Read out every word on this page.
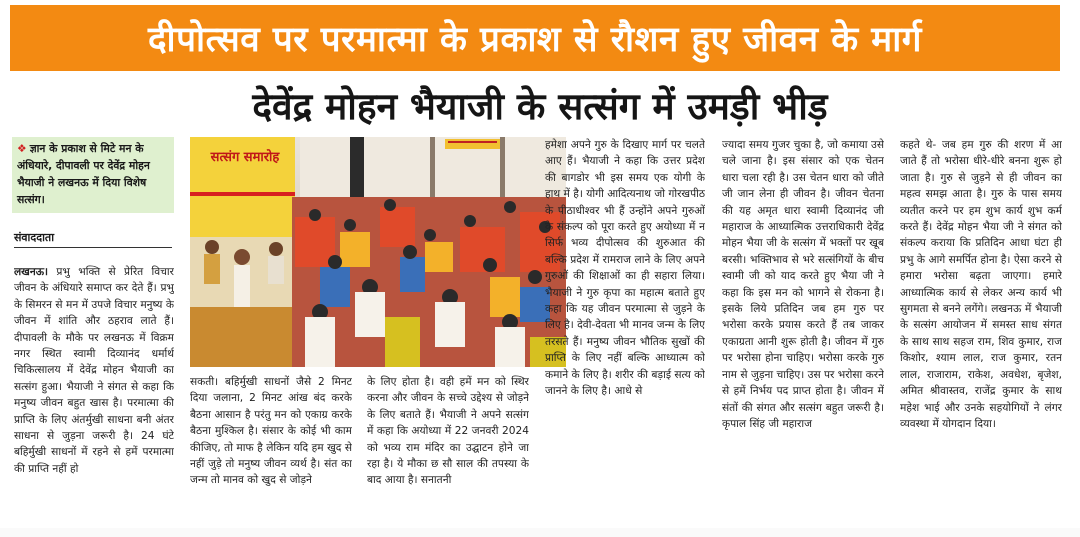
दीपोत्सव पर परमात्मा के प्रकाश से रौशन हुए जीवन के मार्ग
देवेंद्र मोहन भैयाजी के सत्संग में उमड़ी भीड़
❖ ज्ञान के प्रकाश से मिटे मन के अंधियारे, दीपावली पर देवेंद्र मोहन भैयाजी ने लखनऊ में दिया विशेष सत्संग।
संवाददाता

लखनऊ। प्रभु भक्ति से प्रेरित विचार जीवन के अंधियारे समाप्त कर देते हैं। प्रभु के सिमरन से मन में उपजे विचार मनुष्य के जीवन में शांति और ठहराव लाते हैं। दीपावली के मौके पर लखनऊ में विक्रम नगर स्थित स्वामी दिव्यानंद धर्मार्थ चिकित्सालय में देवेंद्र मोहन भैयाजी का सत्संग हुआ। भैयाजी ने संगत से कहा कि मनुष्य जीवन बहुत खास है। परमात्मा की प्राप्ति के लिए अंतर्मुखी साधना बनी अंतर साधना से जुड़ना जरूरी है। 24 घंटे बहिर्मुखी साधनों में रहने से हमें परमात्मा की प्राप्ति नहीं हो

सत्संग समारोह

सकती। बहिर्मुखी साधनों जैसे 2 मिनट दिया जलाना, 2 मिनट आंख बंद करके बैठना आसान है परंतु मन को एकाग्र करके बैठना मुश्किल है। संसार के कोई भी काम कीजिए, तो माफ है लेकिन यदि हम खुद से नहीं जुड़े तो मनुष्य जीवन व्यर्थ है। संत का जन्म तो मानव को खुद से जोड़ने

के लिए होता है। वही हमें मन को स्थिर करना और जीवन के सच्चे उद्देश्य से जोड़ने के लिए बताते हैं। भैयाजी ने अपने सत्संग में कहा कि अयोध्या में 22 जनवरी 2024 को भव्य राम मंदिर का उद्घाटन होने जा रहा है। ये मौका छ सौ साल की तपस्या के बाद आया है। सनातनी

हमेशा अपने गुरु के दिखाए मार्ग पर चलते आए हैं। भैयाजी ने कहा कि उत्तर प्रदेश की बागडोर भी इस समय एक योगी के हाथ में है। योगी आदित्यनाथ जो गोरखपीठ के पीठाधीश्वर भी हैं उन्होंने अपने गुरुओं के संकल्प को पूरा करते हुए अयोध्या में न सिर्फ भव्य दीपोत्सव की शुरुआत की बल्कि प्रदेश में रामराज लाने के लिए अपने गुरुओं की शिक्षाओं का ही सहारा लिया। भैयाजी ने गुरु कृपा का महात्म बताते हुए कहा कि यह जीवन परमात्मा से जुड़ने के लिए है। देवी-देवता भी मानव जन्म के लिए तरसते हैं। मनुष्य जीवन भौतिक सुखों की प्राप्ति के लिए नहीं बल्कि आध्यात्म को कमाने के लिए है। शरीर की बड़ाई सत्य को जानने के लिए है। आधे से

ज्यादा समय गुजर चुका है, जो कमाया उसे चले जाना है। इस संसार को एक चेतन धारा चला रही है। उस चेतन धारा को जीते जी जान लेना ही जीवन है। जीवन चेतना की यह अमृत धारा स्वामी दिव्यानंद जी महाराज के आध्यात्मिक उत्तराधिकारी देवेंद्र मोहन भैया जी के सत्संग में भक्तों पर खूब बरसी। भक्तिभाव से भरे सत्संगियों के बीच स्वामी जी को याद करते हुए भैया जी ने कहा कि इस मन को भागने से रोकना है। इसके लिये प्रतिदिन जब हम गुरु पर भरोसा करके प्रयास करते हैं तब जाकर एकाग्रता आनी शुरू होती है। जीवन में गुरु पर भरोसा होना चाहिए। भरोसा करके गुरु नाम से जुड़ना चाहिए। उस पर भरोसा करने से हमें निर्भय पद प्राप्त होता है। जीवन में संतों की संगत और सत्संग बहुत जरूरी है। कृपाल सिंह जी महाराज

कहते थे- जब हम गुरु की शरण में आ जाते हैं तो भरोसा धीरे-धीरे बनना शुरू हो जाता है। गुरु से जुड़ने से ही जीवन का महत्व समझ आता है। गुरु के पास समय व्यतीत करने पर हम शुभ कार्य शुभ कर्म करते हैं। देवेंद्र मोहन भैया जी ने संगत को संकल्प कराया कि प्रतिदिन आधा घंटा ही प्रभु के आगे समर्पित होना है। ऐसा करने से हमारा भरोसा बढ़ता जाएगा। हमारे आध्यात्मिक कार्य से लेकर अन्य कार्य भी सुगमता से बनने लगेंगे। लखनऊ में भैयाजी के सत्संग आयोजन में समस्त साध संगत के साथ साथ सहज राम, शिव कुमार, राज किशोर, श्याम लाल, राज कुमार, रतन लाल, राजाराम, राकेश, अवधेश, बृजेश, अमित श्रीवास्तव, राजेंद्र कुमार के साथ महेश भाई और उनके सहयोगियों ने लंगर व्यवस्था में योगदान दिया।
